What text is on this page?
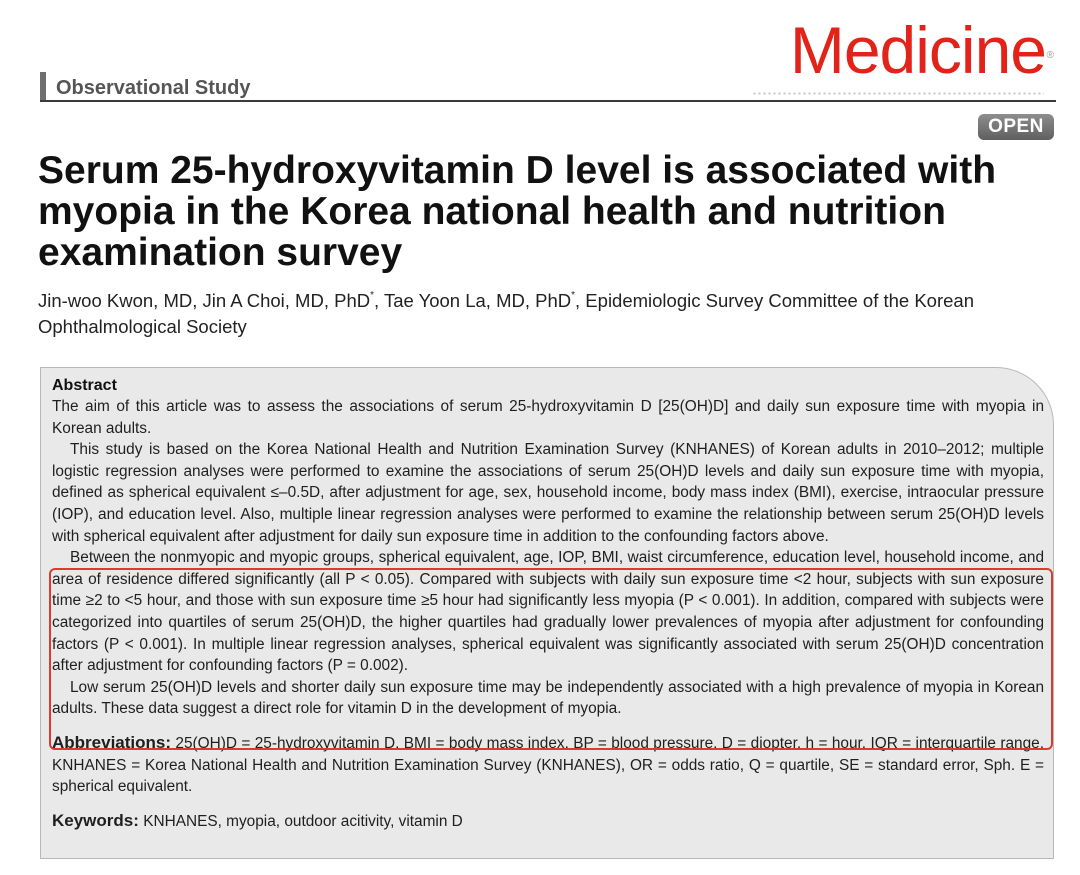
Observational Study
Medicine ®
OPEN
Serum 25-hydroxyvitamin D level is associated with myopia in the Korea national health and nutrition examination survey
Jin-woo Kwon, MD, Jin A Choi, MD, PhD*, Tae Yoon La, MD, PhD*, Epidemiologic Survey Committee of the Korean Ophthalmological Society

Abstract

The aim of this article was to assess the associations of serum 25-hydroxyvitamin D [25(OH)D] and daily sun exposure time with myopia in Korean adults.

This study is based on the Korea National Health and Nutrition Examination Survey (KNHANES) of Korean adults in 2010–2012; multiple logistic regression analyses were performed to examine the associations of serum 25(OH)D levels and daily sun exposure time with myopia, defined as spherical equivalent ≤–0.5D, after adjustment for age, sex, household income, body mass index (BMI), exercise, intraocular pressure (IOP), and education level. Also, multiple linear regression analyses were performed to examine the relationship between serum 25(OH)D levels with spherical equivalent after adjustment for daily sun exposure time in addition to the confounding factors above.

Between the nonmyopic and myopic groups, spherical equivalent, age, IOP, BMI, waist circumference, education level, household income, and area of residence differed significantly (all P < 0.05). Compared with subjects with daily sun exposure time <2 hour, subjects with sun exposure time ≥2 to <5 hour, and those with sun exposure time ≥5 hour had significantly less myopia (P < 0.001). In addition, compared with subjects were categorized into quartiles of serum 25(OH)D, the higher quartiles had gradually lower prevalences of myopia after adjustment for confounding factors (P < 0.001). In multiple linear regression analyses, spherical equivalent was significantly associated with serum 25(OH)D concentration after adjustment for confounding factors (P = 0.002).

Low serum 25(OH)D levels and shorter daily sun exposure time may be independently associated with a high prevalence of myopia in Korean adults. These data suggest a direct role for vitamin D in the development of myopia.

Abbreviations: 25(OH)D = 25-hydroxyvitamin D, BMI = body mass index, BP = blood pressure, D = diopter, h = hour, IQR = interquartile range, KNHANES = Korea National Health and Nutrition Examination Survey (KNHANES), OR = odds ratio, Q = quartile, SE = standard error, Sph. E = spherical equivalent.

Keywords: KNHANES, myopia, outdoor acitivity, vitamin D
